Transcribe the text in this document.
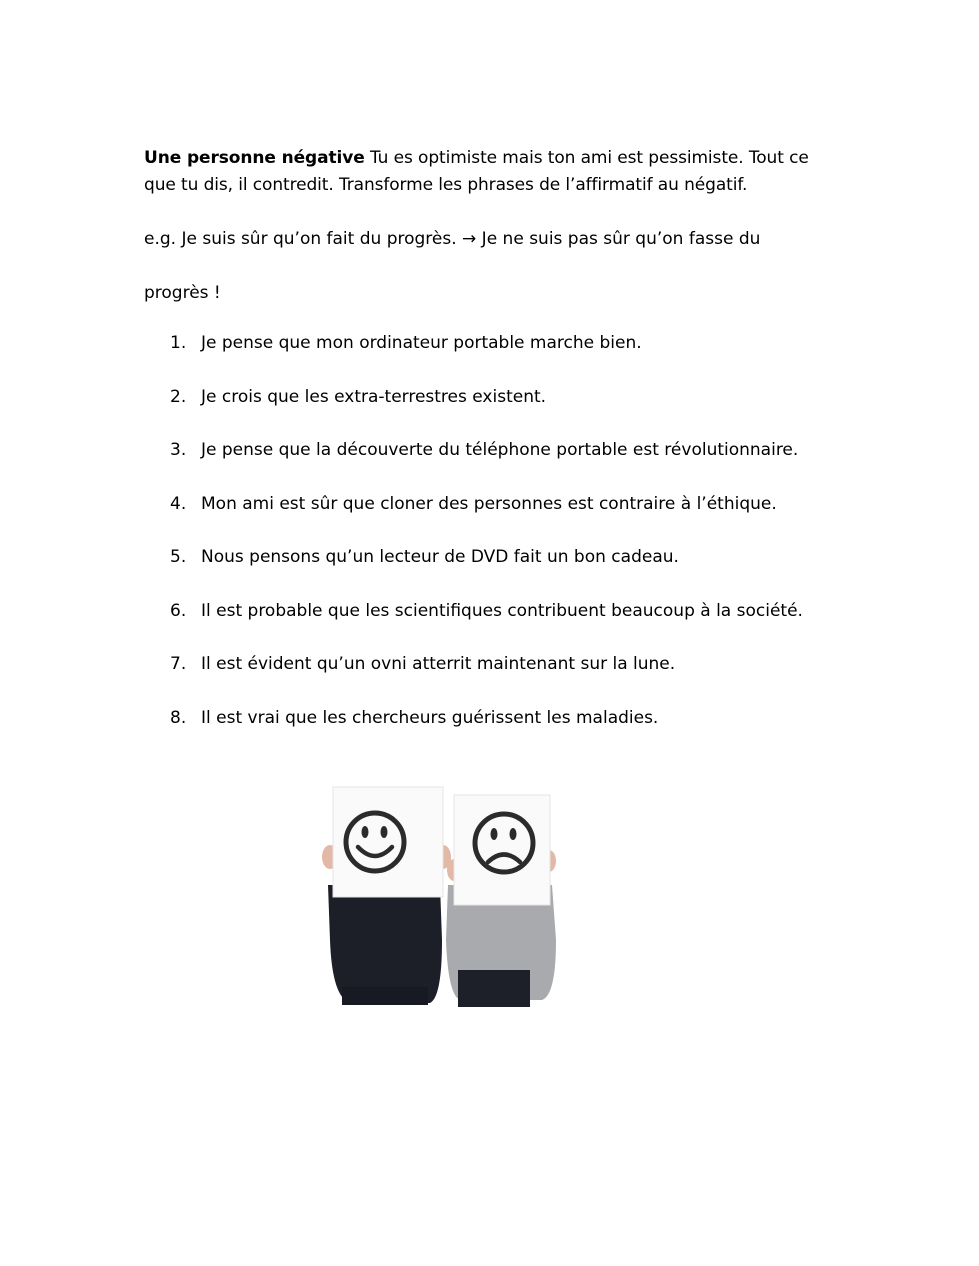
Une personne négative Tu es optimiste mais ton ami est pessimiste. Tout ce que tu dis, il contredit. Transforme les phrases de l’affirmatif au négatif.
e.g. Je suis sûr qu’on fait du progrès. → Je ne suis pas sûr qu’on fasse du
progrès !
1. Je pense que mon ordinateur portable marche bien.
2. Je crois que les extra-terrestres existent.
3. Je pense que la découverte du téléphone portable est révolutionnaire.
4. Mon ami est sûr que cloner des personnes est contraire à l’éthique.
5. Nous pensons qu’un lecteur de DVD fait un bon cadeau.
6. Il est probable que les scientifiques contribuent beaucoup à la société.
7. Il est évident qu’un ovni atterrit maintenant sur la lune.
8. Il est vrai que les chercheurs guérissent les maladies.
